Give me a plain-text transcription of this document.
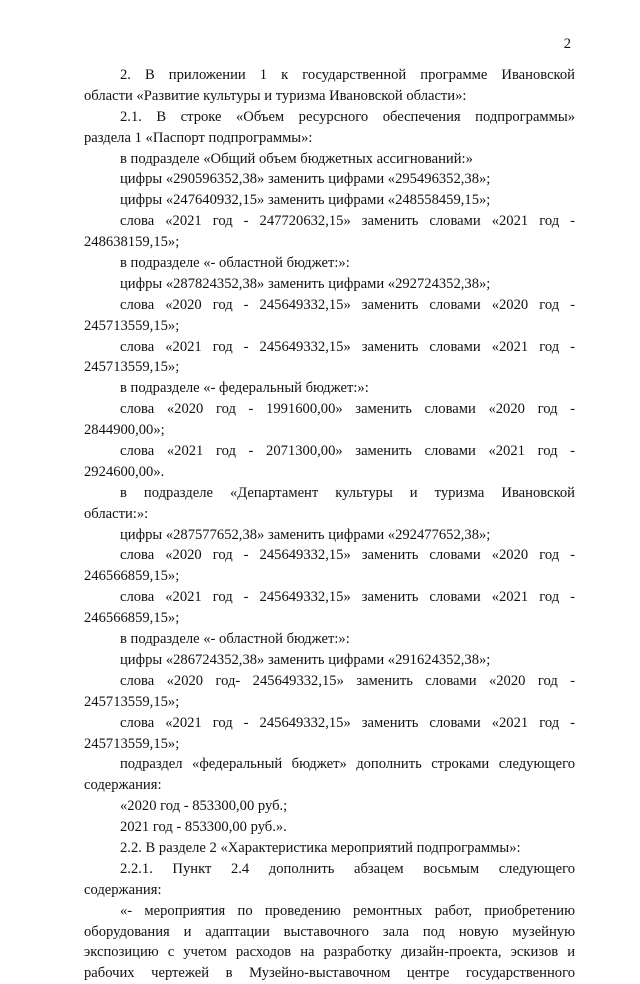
2
2. В приложении 1 к государственной программе Ивановской
области «Развитие культуры и туризма Ивановской области»:
2.1. В строке «Объем ресурсного обеспечения подпрограммы»
раздела 1 «Паспорт подпрограммы»:
в подразделе «Общий объем бюджетных ассигнований:»
цифры «290596352,38» заменить цифрами «295496352,38»;
цифры «247640932,15» заменить цифрами «248558459,15»;
слова «2021 год - 247720632,15» заменить словами «2021 год -
248638159,15»;
в подразделе «- областной бюджет:»:
цифры «287824352,38» заменить цифрами «292724352,38»;
слова «2020 год - 245649332,15» заменить словами «2020 год -
245713559,15»;
слова «2021 год - 245649332,15» заменить словами «2021 год -
245713559,15»;
в подразделе «- федеральный бюджет:»:
слова «2020 год - 1991600,00» заменить словами «2020 год -
2844900,00»;
слова «2021 год - 2071300,00» заменить словами «2021 год -
2924600,00».
в подразделе «Департамент культуры и туризма Ивановской
области:»:
цифры «287577652,38» заменить цифрами «292477652,38»;
слова «2020 год - 245649332,15» заменить словами «2020 год -
246566859,15»;
слова «2021 год - 245649332,15» заменить словами «2021 год -
246566859,15»;
в подразделе «- областной бюджет:»:
цифры «286724352,38» заменить цифрами «291624352,38»;
слова «2020 год- 245649332,15» заменить словами «2020 год -
245713559,15»;
слова «2021 год - 245649332,15» заменить словами «2021 год -
245713559,15»;
подраздел «федеральный бюджет» дополнить строками следующего
содержания:
«2020 год - 853300,00 руб.;
2021 год - 853300,00 руб.».
2.2. В разделе 2 «Характеристика мероприятий подпрограммы»:
2.2.1. Пункт 2.4 дополнить абзацем восьмым следующего
содержания:
«- мероприятия по проведению ремонтных работ, приобретению
оборудования и адаптации выставочного зала под новую музейную
экспозицию с учетом расходов на разработку дизайн-проекта, эскизов и
рабочих чертежей в Музейно-выставочном центре государственного
